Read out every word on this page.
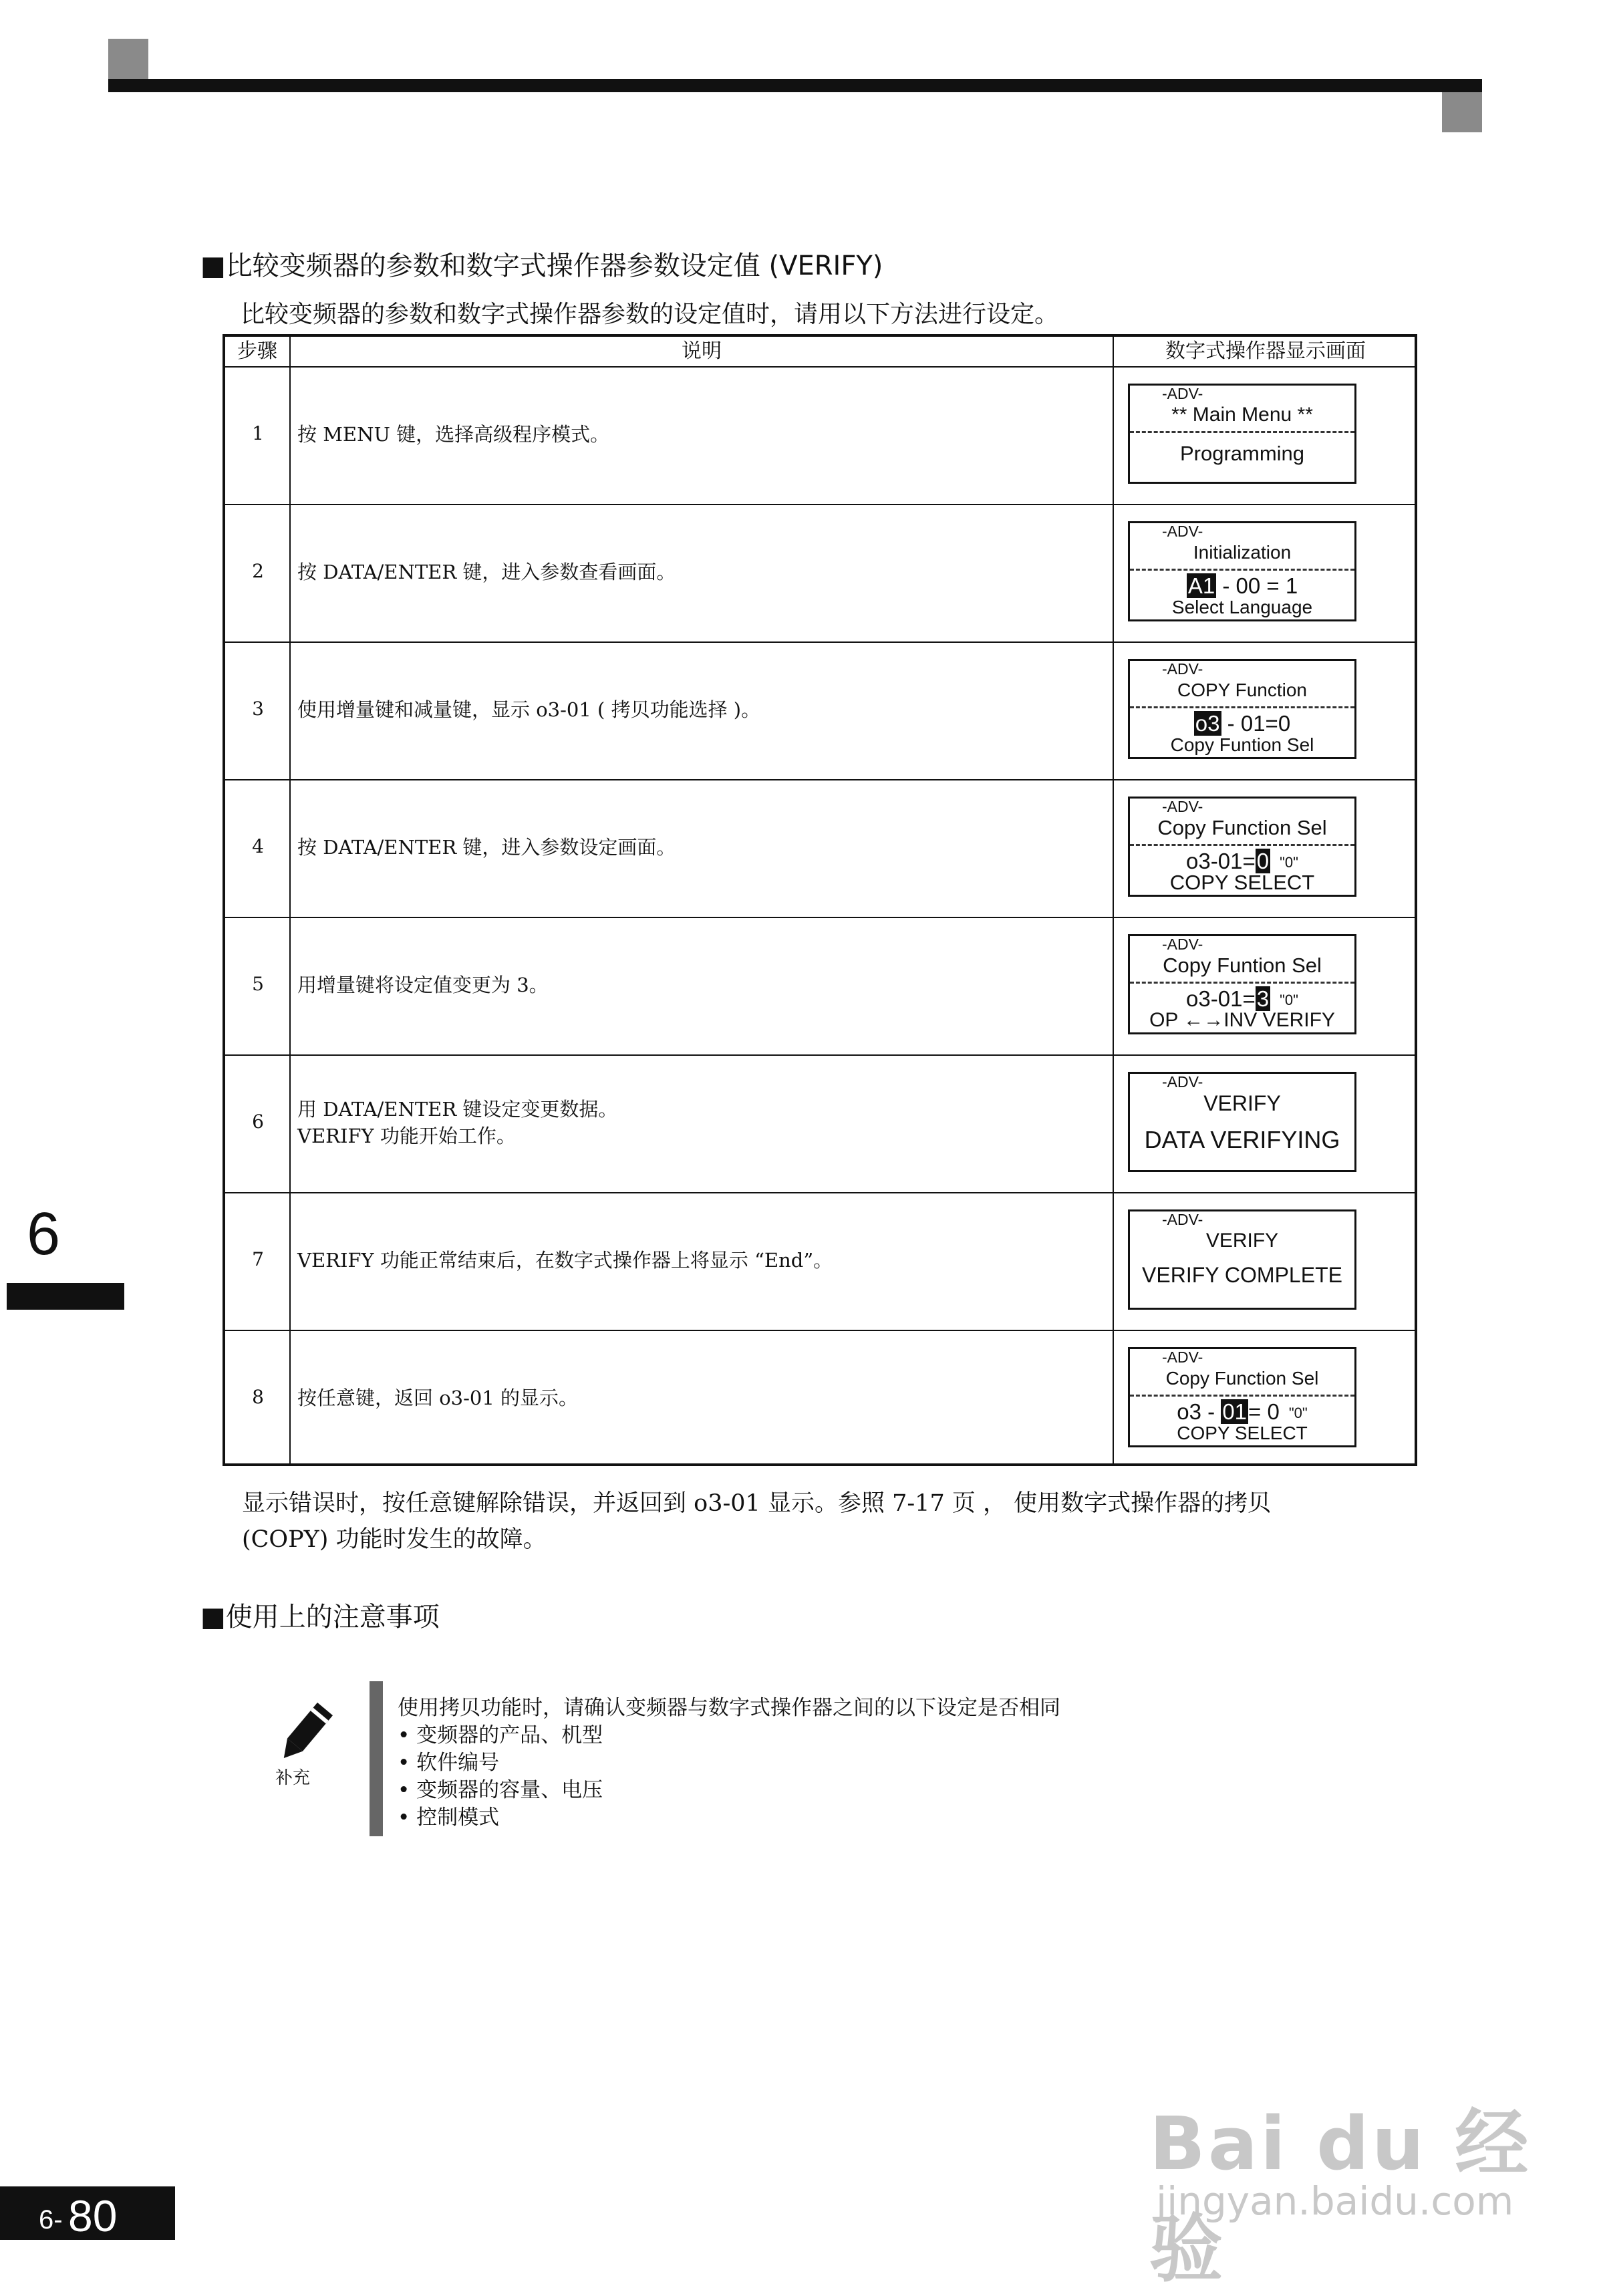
■比较变频器的参数和数字式操作器参数设定值 (VERIFY)
比较变频器的参数和数字式操作器参数的设定值时，请用以下方法进行设定。
步骤	说明	数字式操作器显示画面
1	按 MENU 键，选择高级程序模式。
-ADV-
** Main Menu **
Programming
2	按 DATA/ENTER 键，进入参数查看画面。
-ADV-
Initialization
A1 - 00 = 1
Select Language
3	使用增量键和减量键，显示 o3-01 ( 拷贝功能选择 )。
-ADV-
COPY Function
o3 - 01=0
Copy Funtion Sel
4	按 DATA/ENTER 键，进入参数设定画面。
-ADV-
Copy Function Sel
o3-01=0 "0"
COPY SELECT
5	用增量键将设定值变更为 3。
-ADV-
Copy Funtion Sel
o3-01=3 "0"
OP ←→INV VERIFY
6
用 DATA/ENTER 键设定变更数据。
VERIFY 功能开始工作。
-ADV-
VERIFY
DATA VERIFYING
7	VERIFY 功能正常结束后，在数字式操作器上将显示 “End”。
-ADV-
VERIFY
VERIFY COMPLETE
8	按任意键，返回 o3-01 的显示。
-ADV-
Copy Function Sel
o3 - 01= 0 "0"
COPY SELECT
显示错误时，按任意键解除错误，并返回到 o3-01 显示。参照 7-17 页 ， 使用数字式操作器的拷贝
(COPY) 功能时发生的故障。
■使用上的注意事项
补充
使用拷贝功能时，请确认变频器与数字式操作器之间的以下设定是否相同
• 变频器的产品、机型
• 软件编号
• 变频器的容量、电压
• 控制模式
6
6- 80
Bai du 经验
jingyan.baidu.com
